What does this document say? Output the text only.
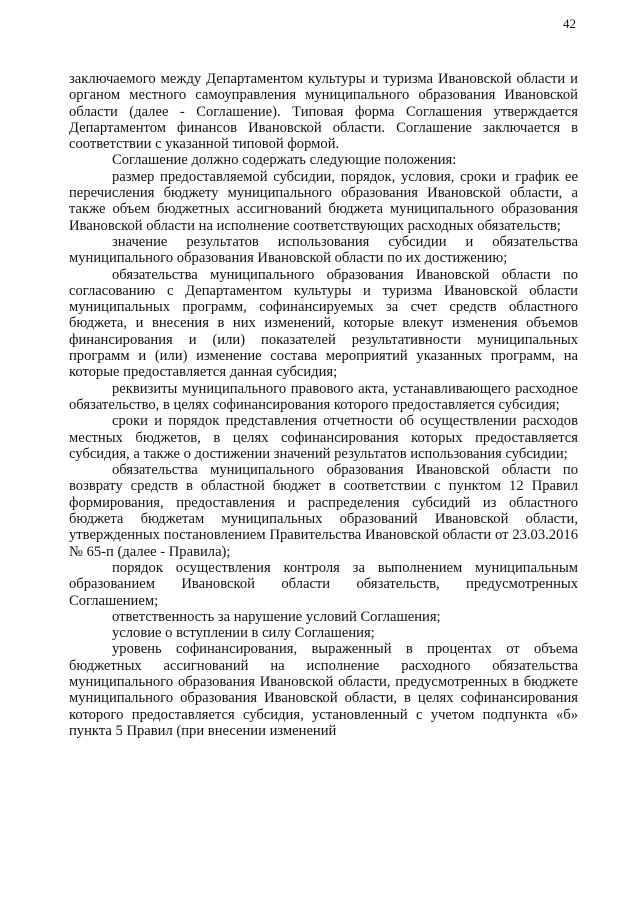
42

заключаемого между Департаментом культуры и туризма Ивановской области и органом местного самоуправления муниципального образования Ивановской области (далее - Соглашение). Типовая форма Соглашения утверждается Департаментом финансов Ивановской области. Соглашение заключается в соответствии с указанной типовой формой.

Соглашение должно содержать следующие положения:

размер предоставляемой субсидии, порядок, условия, сроки и график ее перечисления бюджету муниципального образования Ивановской области, а также объем бюджетных ассигнований бюджета муниципального образования Ивановской области на исполнение соответствующих расходных обязательств;

значение результатов использования субсидии и обязательства муниципального образования Ивановской области по их достижению;

обязательства муниципального образования Ивановской области по согласованию с Департаментом культуры и туризма Ивановской области муниципальных программ, софинансируемых за счет средств областного бюджета, и внесения в них изменений, которые влекут изменения объемов финансирования и (или) показателей результативности муниципальных программ и (или) изменение состава мероприятий указанных программ, на которые предоставляется данная субсидия;

реквизиты муниципального правового акта, устанавливающего расходное обязательство, в целях софинансирования которого предоставляется субсидия;

сроки и порядок представления отчетности об осуществлении расходов местных бюджетов, в целях софинансирования которых предоставляется субсидия, а также о достижении значений результатов использования субсидии;

обязательства муниципального образования Ивановской области по возврату средств в областной бюджет в соответствии с пунктом 12 Правил формирования, предоставления и распределения субсидий из областного бюджета бюджетам муниципальных образований Ивановской области, утвержденных постановлением Правительства Ивановской области от 23.03.2016 № 65-п (далее - Правила);

порядок осуществления контроля за выполнением муниципальным образованием Ивановской области обязательств, предусмотренных Соглашением;

ответственность за нарушение условий Соглашения;

условие о вступлении в силу Соглашения;

уровень софинансирования, выраженный в процентах от объема бюджетных ассигнований на исполнение расходного обязательства муниципального образования Ивановской области, предусмотренных в бюджете муниципального образования Ивановской области, в целях софинансирования которого предоставляется субсидия, установленный с учетом подпункта «б» пункта 5 Правил (при внесении изменений
